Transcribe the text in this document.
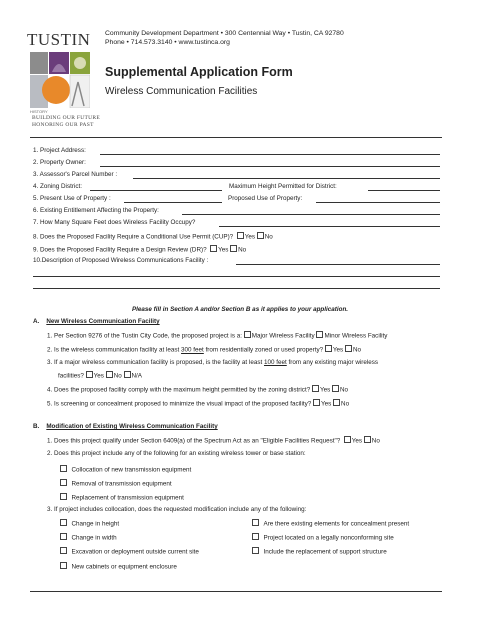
TUSTIN
HISTORY
BUILDING OUR FUTURE
HONORING OUR PAST
Community Development Department • 300 Centennial Way • Tustin, CA 92780
Phone • 714.573.3140 • www.tustinca.org
Supplemental Application Form
Wireless Communication Facilities
1. Project Address:
2. Property Owner:
3. Assessor's Parcel Number :
4. Zoning District:	Maximum Height Permitted for District:
5. Present Use of Property :	Proposed Use of Property:
6. Existing Entitlement Affecting the Property:
7. How Many Square Feet does Wireless Facility Occupy?
8. Does the Proposed Facility Require a Conditional Use Permit (CUP)? Yes No
9. Does the Proposed Facility Require a Design Review (DR)? Yes No
10.Description of Proposed Wireless Communications Facility :
Please fill in Section A and/or Section B as it applies to your application.
A. New Wireless Communication Facility
1. Per Section 9276 of the Tustin City Code, the proposed project is a: Major Wireless Facility Minor Wireless Facility
2. Is the wireless communication facility at least 300 feet from residentially zoned or used property? Yes No
3. If a major wireless communication facility is proposed, is the facility at least 100 feet from any existing major wireless
facilities? Yes No N/A
4. Does the proposed facility comply with the maximum height permitted by the zoning district? Yes No
5. Is screening or concealment proposed to minimize the visual impact of the proposed facility? Yes No
B. Modification of Existing Wireless Communication Facility
1. Does this project qualify under Section 6409(a) of the Spectrum Act as an "Eligible Facilities Request"? Yes No
2. Does this project include any of the following for an existing wireless tower or base station:
Collocation of new transmission equipment
Removal of transmission equipment
Replacement of transmission equipment
3. If project includes collocation, does the requested modification include any of the following:
Change in height
Change in width
Excavation or deployment outside current site
New cabinets or equipment enclosure
Are there existing elements for concealment present
Project located on a legally nonconforming site
Include the replacement of support structure
